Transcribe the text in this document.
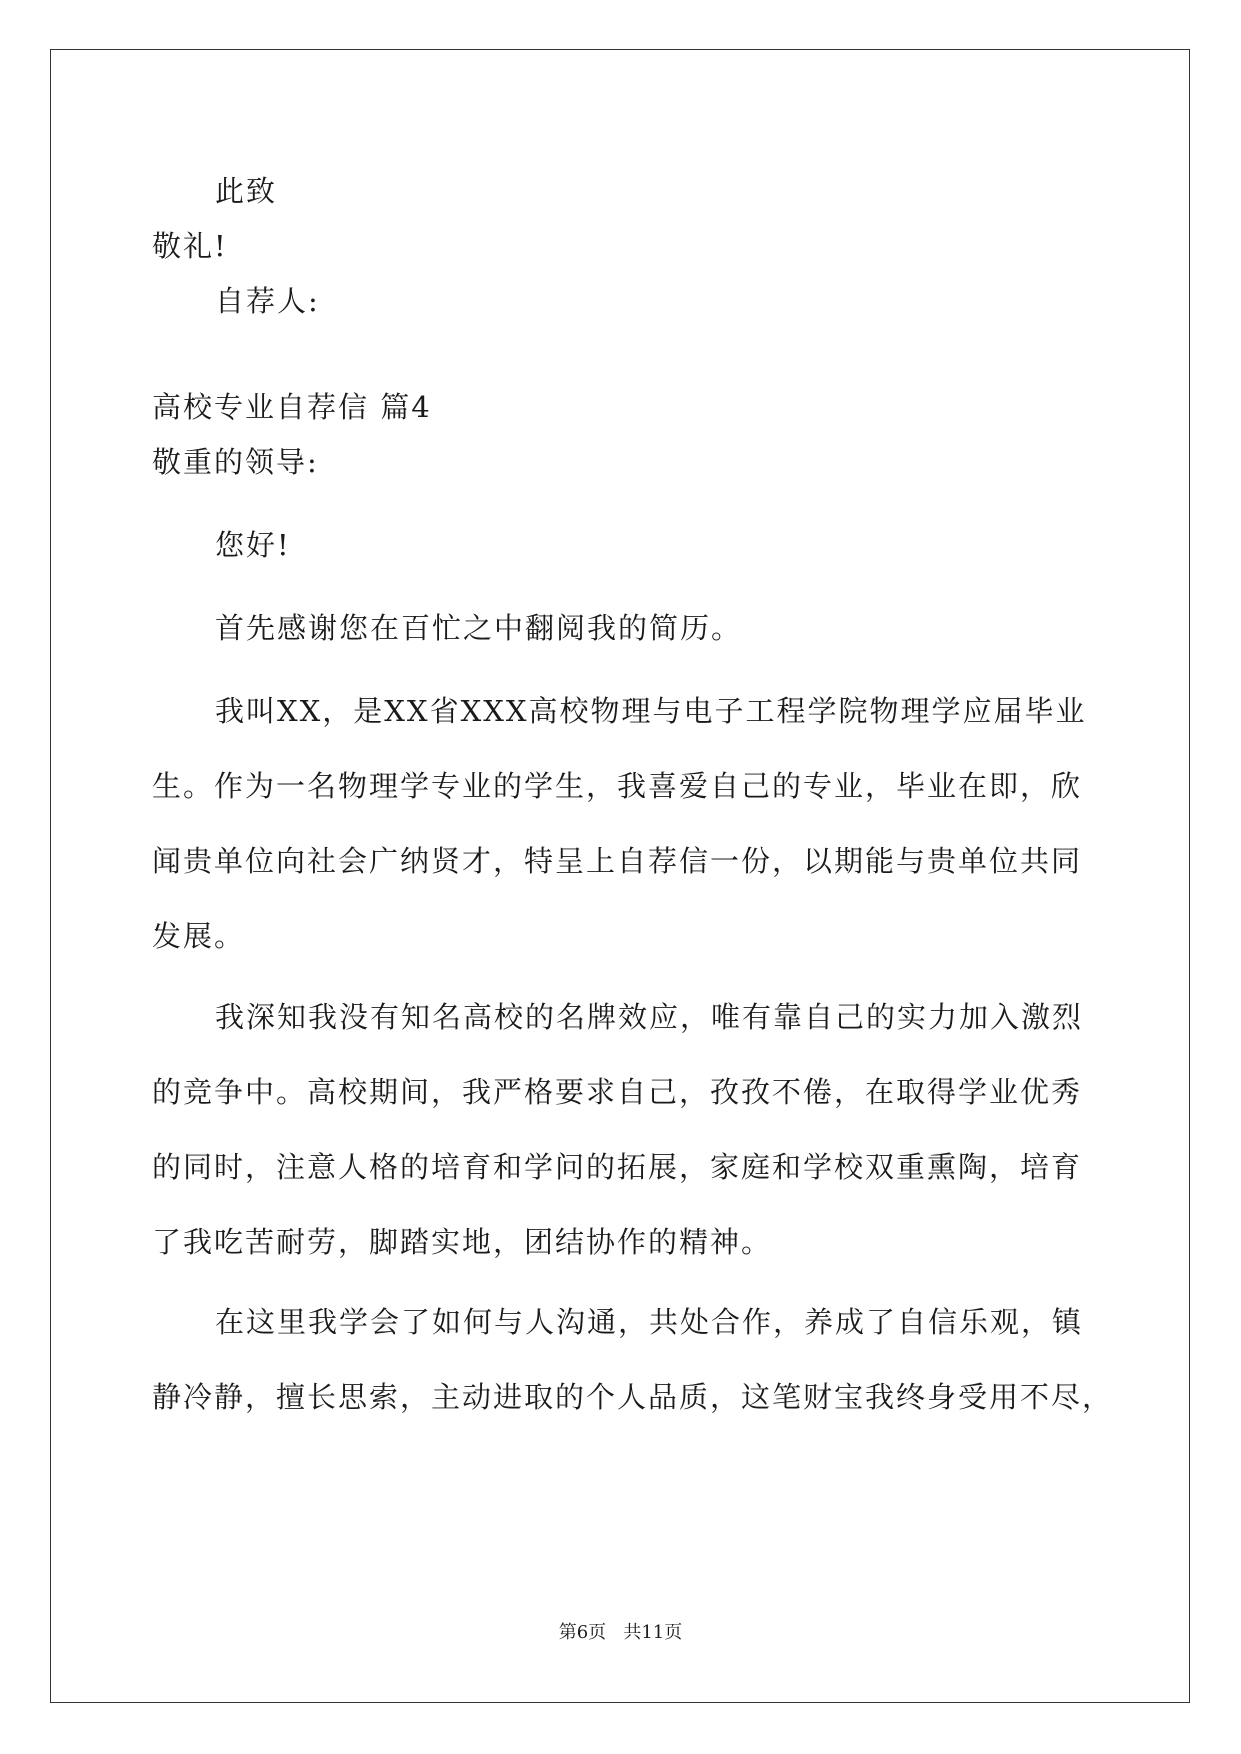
此致
敬礼!
自荐人:
高校专业自荐信 篇4
敬重的领导:
您好!
首先感谢您在百忙之中翻阅我的简历。
我叫XX，是XX省XXX高校物理与电子工程学院物理学应届毕业
生。作为一名物理学专业的学生，我喜爱自己的专业，毕业在即，欣
闻贵单位向社会广纳贤才，特呈上自荐信一份，以期能与贵单位共同
发展。
我深知我没有知名高校的名牌效应，唯有靠自己的实力加入激烈
的竞争中。高校期间，我严格要求自己，孜孜不倦，在取得学业优秀
的同时，注意人格的培育和学问的拓展，家庭和学校双重熏陶，培育
了我吃苦耐劳，脚踏实地，团结协作的精神。
在这里我学会了如何与人沟通，共处合作，养成了自信乐观，镇
静冷静，擅长思索，主动进取的个人品质，这笔财宝我终身受用不尽，
第6页   共11页
